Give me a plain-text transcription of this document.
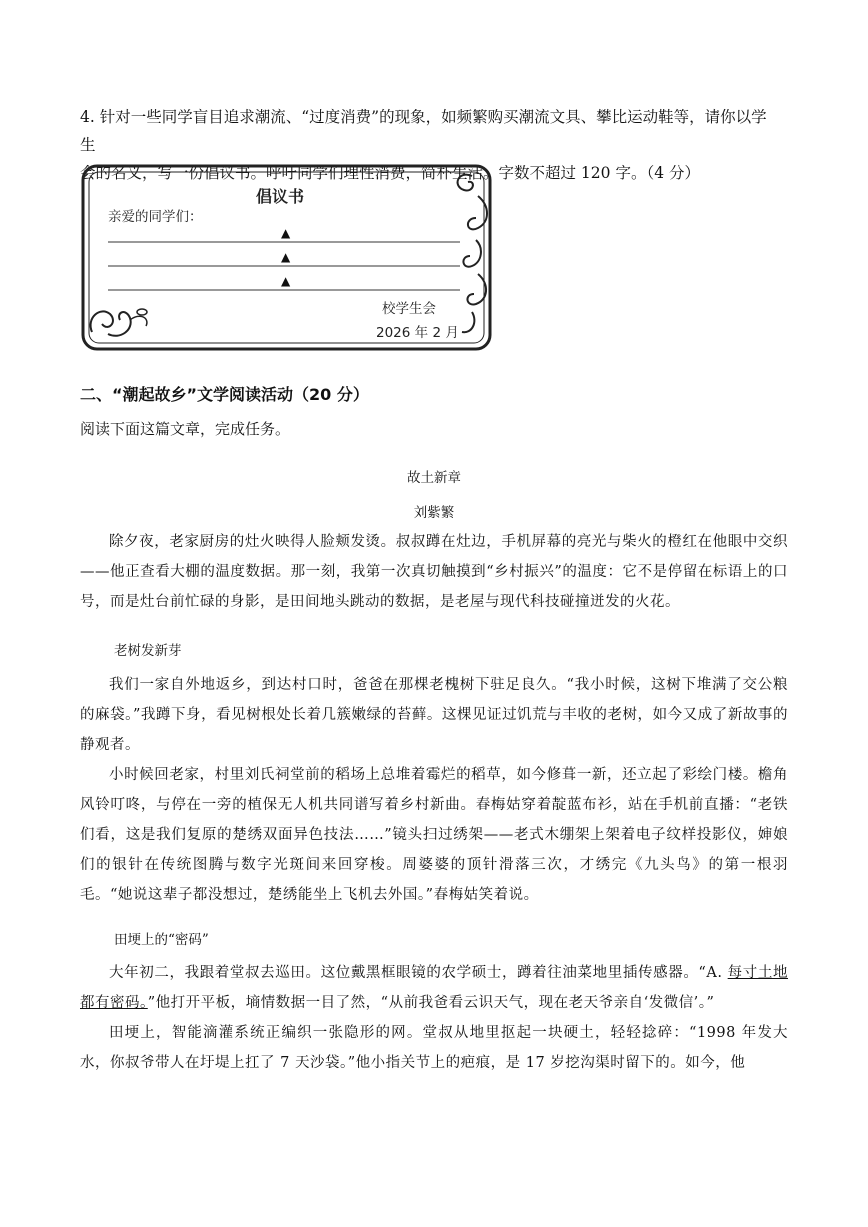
4. 针对一些同学盲目追求潮流、“过度消费”的现象，如频繁购买潮流文具、攀比运动鞋等，请你以学生

会的名义，写一份倡议书。呼吁同学们理性消费，简朴生活。字数不超过 120 字。（4 分）

倡议书
亲爱的同学们：
▲
▲
▲
校学生会
2026 年 2 月
二、“潮起故乡”文学阅读活动（20 分）
阅读下面这篇文章，完成任务。
故土新章
刘紫繁

除夕夜，老家厨房的灶火映得人脸颊发烫。叔叔蹲在灶边，手机屏幕的亮光与柴火的橙红在他眼中交织——他正查看大棚的温度数据。那一刻，我第一次真切触摸到“乡村振兴”的温度：它不是停留在标语上的口号，而是灶台前忙碌的身影，是田间地头跳动的数据，是老屋与现代科技碰撞迸发的火花。

老树发新芽

我们一家自外地返乡，到达村口时，爸爸在那棵老槐树下驻足良久。“我小时候，这树下堆满了交公粮的麻袋。”我蹲下身，看见树根处长着几簇嫩绿的苔藓。这棵见证过饥荒与丰收的老树，如今又成了新故事的静观者。

小时候回老家，村里刘氏祠堂前的稻场上总堆着霉烂的稻草，如今修葺一新，还立起了彩绘门楼。檐角风铃叮咚，与停在一旁的植保无人机共同谱写着乡村新曲。春梅姑穿着靛蓝布衫，站在手机前直播：“老铁们看，这是我们复原的楚绣双面异色技法……”镜头扫过绣架——老式木绷架上架着电子纹样投影仪，婶娘们的银针在传统图腾与数字光斑间来回穿梭。周婆婆的顶针滑落三次，才绣完《九头鸟》的第一根羽毛。“她说这辈子都没想过，楚绣能坐上飞机去外国。”春梅姑笑着说。

田埂上的“密码”

大年初二，我跟着堂叔去巡田。这位戴黑框眼镜的农学硕士，蹲着往油菜地里插传感器。“A. 每寸土地都有密码。”他打开平板，墒情数据一目了然，“从前我爸看云识天气，现在老天爷亲自‘发微信’。”

田埂上，智能滴灌系统正编织一张隐形的网。堂叔从地里抠起一块硬土，轻轻捻碎：“1998 年发大水，你叔爷带人在圩堤上扛了 7 天沙袋。”他小指关节上的疤痕，是 17 岁挖沟渠时留下的。如今，他
